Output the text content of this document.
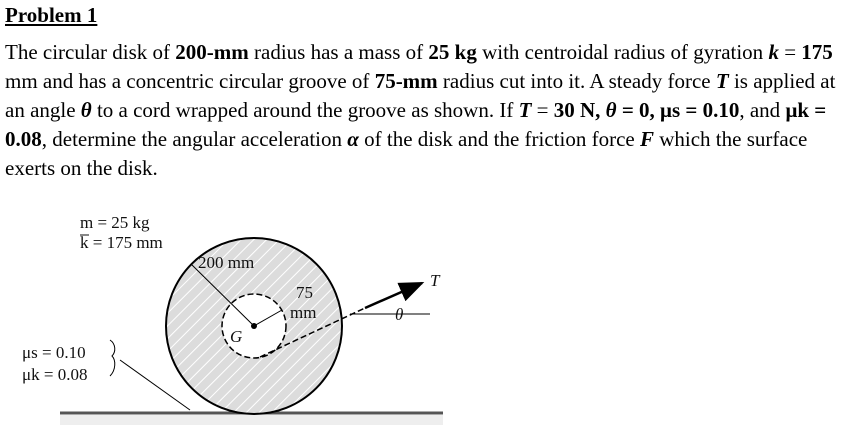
Problem 1
The circular disk of 200-mm radius has a mass of 25 kg with centroidal radius of gyration k = 175 mm and has a concentric circular groove of 75-mm radius cut into it. A steady force T is applied at an angle θ to a cord wrapped around the groove as shown. If T = 30 N, θ = 0, μs = 0.10, and μk = 0.08, determine the angular acceleration α of the disk and the friction force F which the surface exerts on the disk.
m = 25 kg
k = 175 mm
200 mm
75
mm
G
θ
T
μs = 0.10
μk = 0.08
